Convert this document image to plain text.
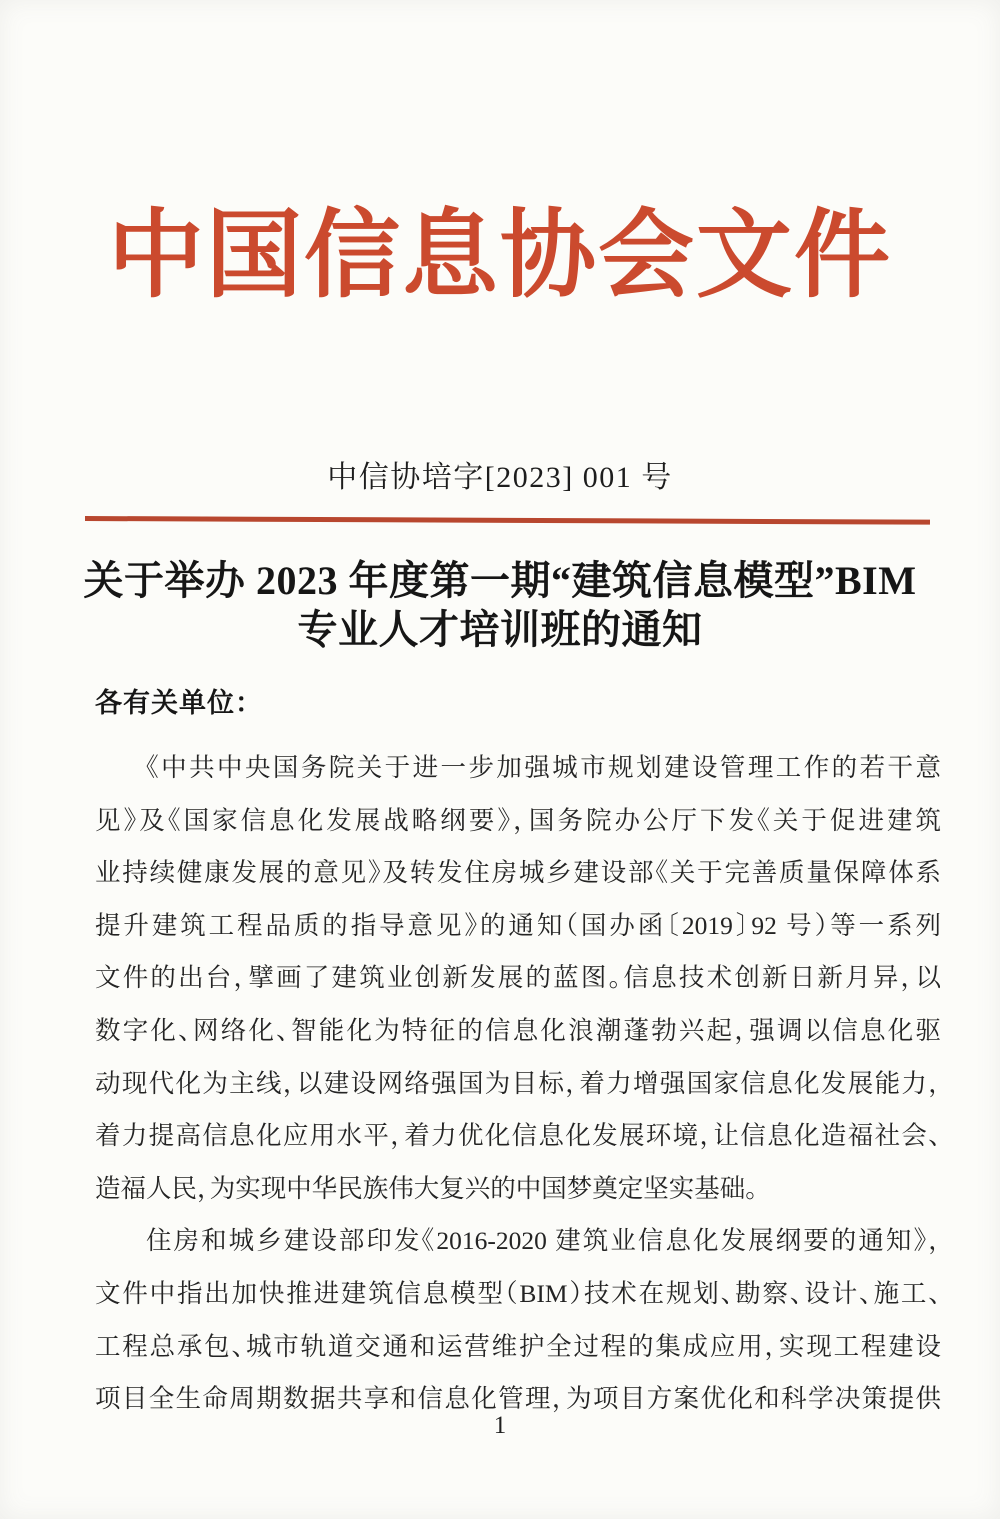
中国信息协会文件
中信协培字[2023] 001 号
关于举办 2023 年度第一期“建筑信息模型”BIM
专业人才培训班的通知
各有关单位：
《中共中央国务院关于进一步加强城市规划建设管理工作的若干意
见》及《国家信息化发展战略纲要》，国务院办公厅下发《关于促进建筑
业持续健康发展的意见》及转发住房城乡建设部《关于完善质量保障体系
提升建筑工程品质的指导意见》的通知（国办函〔2019〕92 号）等一系列
文件的出台，擘画了建筑业创新发展的蓝图。信息技术创新日新月异，以
数字化、网络化、智能化为特征的信息化浪潮蓬勃兴起，强调以信息化驱
动现代化为主线，以建设网络强国为目标，着力增强国家信息化发展能力，
着力提高信息化应用水平，着力优化信息化发展环境，让信息化造福社会、
造福人民，为实现中华民族伟大复兴的中国梦奠定坚实基础。
住房和城乡建设部印发《2016-2020 建筑业信息化发展纲要的通知》，
文件中指出加快推进建筑信息模型（BIM）技术在规划、勘察、设计、施工、
工程总承包、城市轨道交通和运营维护全过程的集成应用，实现工程建设
项目全生命周期数据共享和信息化管理，为项目方案优化和科学决策提供
1
